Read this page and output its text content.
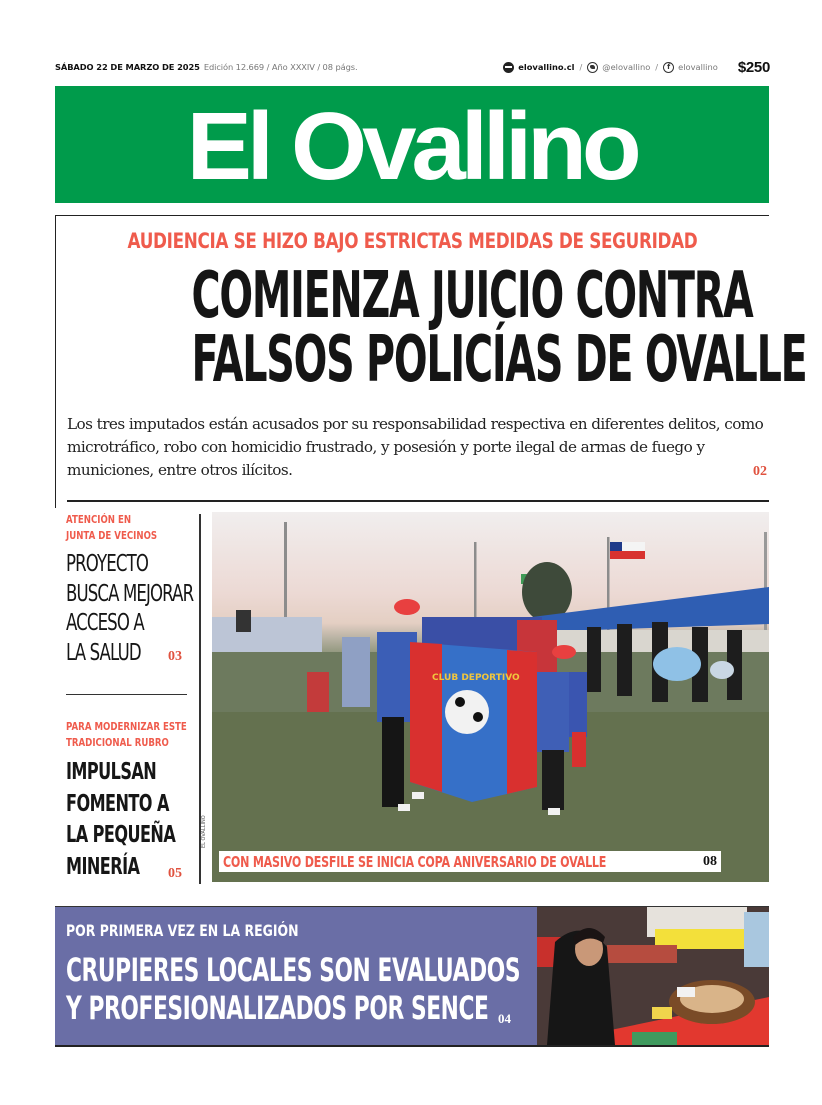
SÁBADO 22 DE MARZO DE 2025 Edición 12.669 / Año XXXIV / 08 págs.	elovallino.cl / @elovallino /	f elovallino $250
El Ovallino
AUDIENCIA SE HIZO BAJO ESTRICTAS MEDIDAS DE SEGURIDAD
COMIENZA JUICIO CONTRA
FALSOS POLICÍAS DE OVALLE

Los tres imputados están acusados por su responsabilidad respectiva en diferentes delitos, como microtráfico, robo con homicidio frustrado, y posesión y porte ilegal de armas de fuego y municiones, entre otros ilícitos.	02
ATENCIÓN EN
JUNTA DE VECINOS
PROYECTO
BUSCA MEJORAR
ACCESO A
LA SALUD	03
PARA MODERNIZAR ESTE
TRADICIONAL RUBRO
IMPULSAN
FOMENTO A
LA PEQUEÑA
MINERÍA	05
EL OVALLINO
CLUB DEPORTIVO
CON MASIVO DESFILE SE INICIA COPA ANIVERSARIO DE OVALLE	08
POR PRIMERA VEZ EN LA REGIÓN
CRUPIERES LOCALES SON EVALUADOS
Y PROFESIONALIZADOS POR SENCE 04
